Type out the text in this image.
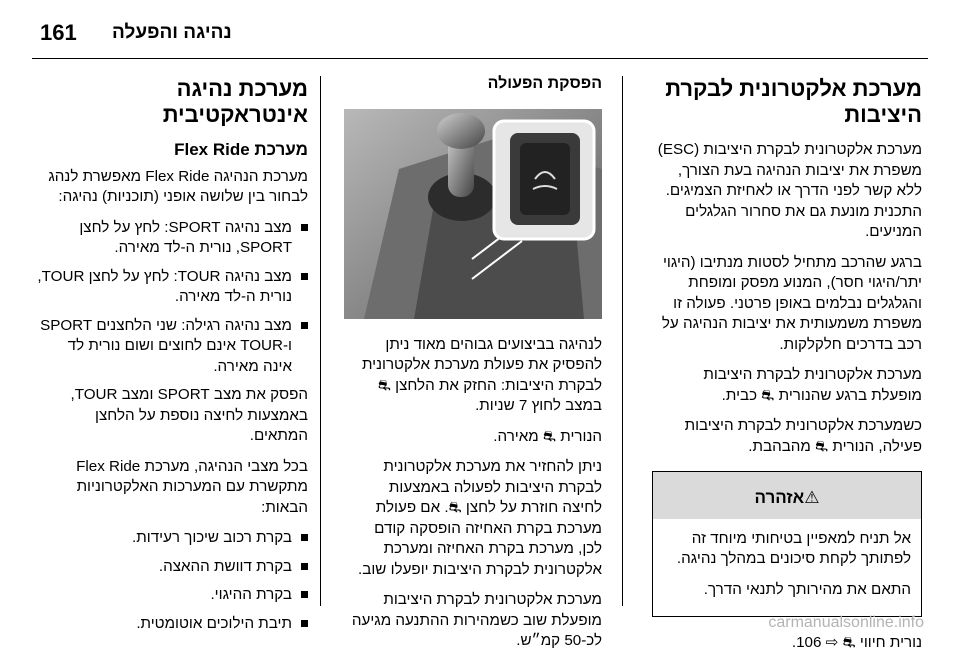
161 נהיגה והפעלה
מערכת אלקטרונית לבקרת היציבות

מערכת אלקטרונית לבקרת היציבות (ESC) משפרת את יציבות הנהיגה בעת הצורך, ללא קשר לפני הדרך או לאחיזת הצמיגים. התכנית מונעת גם את סחרור הגלגלים המניעים.

ברגע שהרכב מתחיל לסטות מנתיבו (היגוי יתר/היגוי חסר), המנוע מפסק ומופחת והגלגלים נבלמים באופן פרטני. פעולה זו משפרת משמעותית את יציבות הנהיגה על רכב בדרכים חלקלקות.

מערכת אלקטרונית לבקרת היציבות מופעלת ברגע שהנורית ⛐ כבית.

כשמערכת אלקטרונית לבקרת היציבות פעילה, הנורית ⛐ מהבהבת.

⚠אזהרה

אל תניח למאפיין בטיחותי מיוחד זה לפתותך לקחת סיכונים במהלך נהיגה.

התאם את מהירותך לתנאי הדרך.

נורית חיווי ⛐ ⇨ 106.

הפסקת הפעולה

לנהיגה בביצועים גבוהים מאוד ניתן להפסיק את פעולת מערכת אלקטרונית לבקרת היציבות: החזק את הלחצן ⛐ במצב לחוץ 7 שניות.

הנורית ⛐ מאירה.

ניתן להחזיר את מערכת אלקטרונית לבקרת היציבות לפעולה באמצעות לחיצה חוזרת על לחצן ⛐. אם פעולת מערכת בקרת האחיזה הופסקה קודם לכן, מערכת בקרת האחיזה ומערכת אלקטרונית לבקרת היציבות יופעלו שוב.

מערכת אלקטרונית לבקרת היציבות מופעלת שוב כשמהירות ההתנעה מגיעה לכ-50 קמ״ש.

מערכת נהיגה אינטראקטיבית
מערכת Flex Ride

מערכת הנהיגה Flex Ride מאפשרת לנהג לבחור בין שלושה אופני (תוכניות) נהיגה:

מצב נהיגה SPORT: לחץ על לחצן SPORT, נורית ה-לד מאירה.
מצב נהיגה TOUR: לחץ על לחצן TOUR, נורית ה-לד מאירה.
מצב נהיגה רגילה: שני הלחצנים SPORT ו-TOUR אינם לחוצים ושום נורית לד אינה מאירה.

הפסק את מצב SPORT ומצב TOUR, באמצעות לחיצה נוספת על הלחצן המתאים.

בכל מצבי הנהיגה, מערכת Flex Ride מתקשרת עם המערכות האלקטרוניות הבאות:

בקרת רכוב שיכוך רעידות.
בקרת דוושת ההאצה.
בקרת ההיגוי.
תיבת הילוכים אוטומטית.	carmanualsonline.info
